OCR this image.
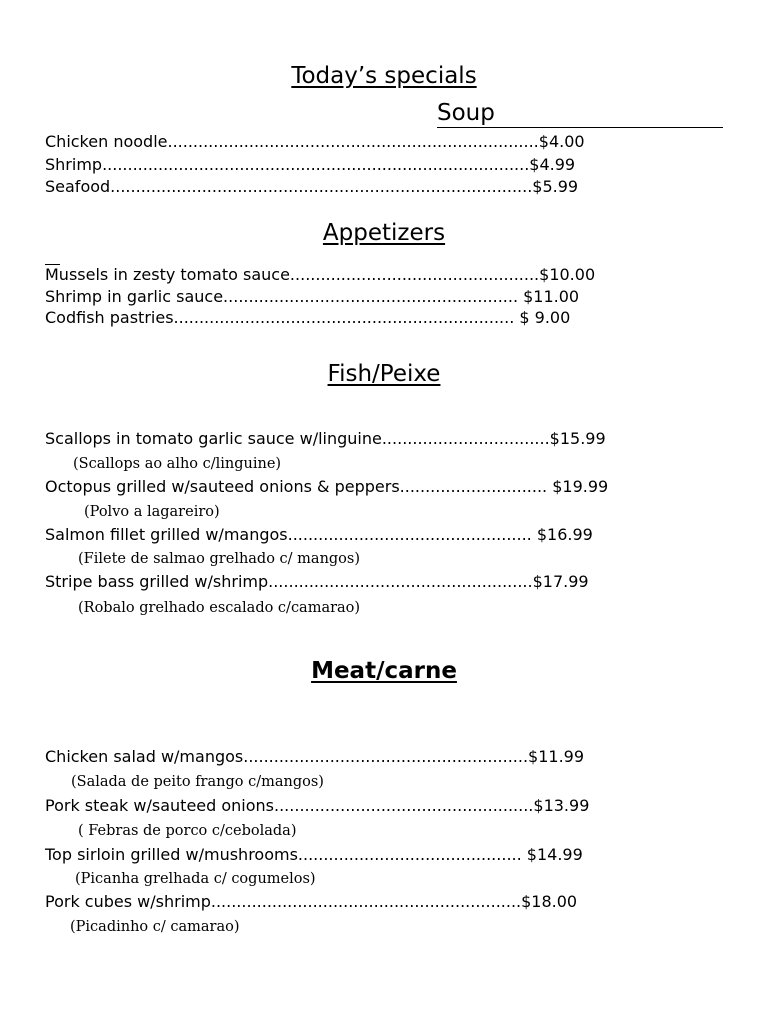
Today’s specials
Soup
Chicken noodle.........................................................................$4.00
Shrimp....................................................................................$4.99
Seafood...................................................................................$5.99
Appetizers
Mussels in zesty tomato sauce.................................................$10.00
Shrimp in garlic sauce.......................................................... $11.00
Codfish pastries................................................................... $ 9.00
Fish/Peixe
Scallops in tomato garlic sauce w/linguine.................................$15.99
(Scallops ao alho c/linguine)
Octopus grilled w/sauteed onions & peppers............................. $19.99
(Polvo a lagareiro)
Salmon fillet grilled w/mangos................................................ $16.99
(Filete de salmao grelhado c/ mangos)
Stripe bass grilled w/shrimp....................................................$17.99
(Robalo grelhado escalado c/camarao)
Meat/carne
Chicken salad w/mangos........................................................$11.99
(Salada de peito frango c/mangos)
Pork steak w/sauteed onions...................................................$13.99
( Febras de porco c/cebolada)
Top sirloin grilled w/mushrooms............................................ $14.99
(Picanha grelhada c/ cogumelos)
Pork cubes w/shrimp.............................................................$18.00
(Picadinho c/ camarao)
